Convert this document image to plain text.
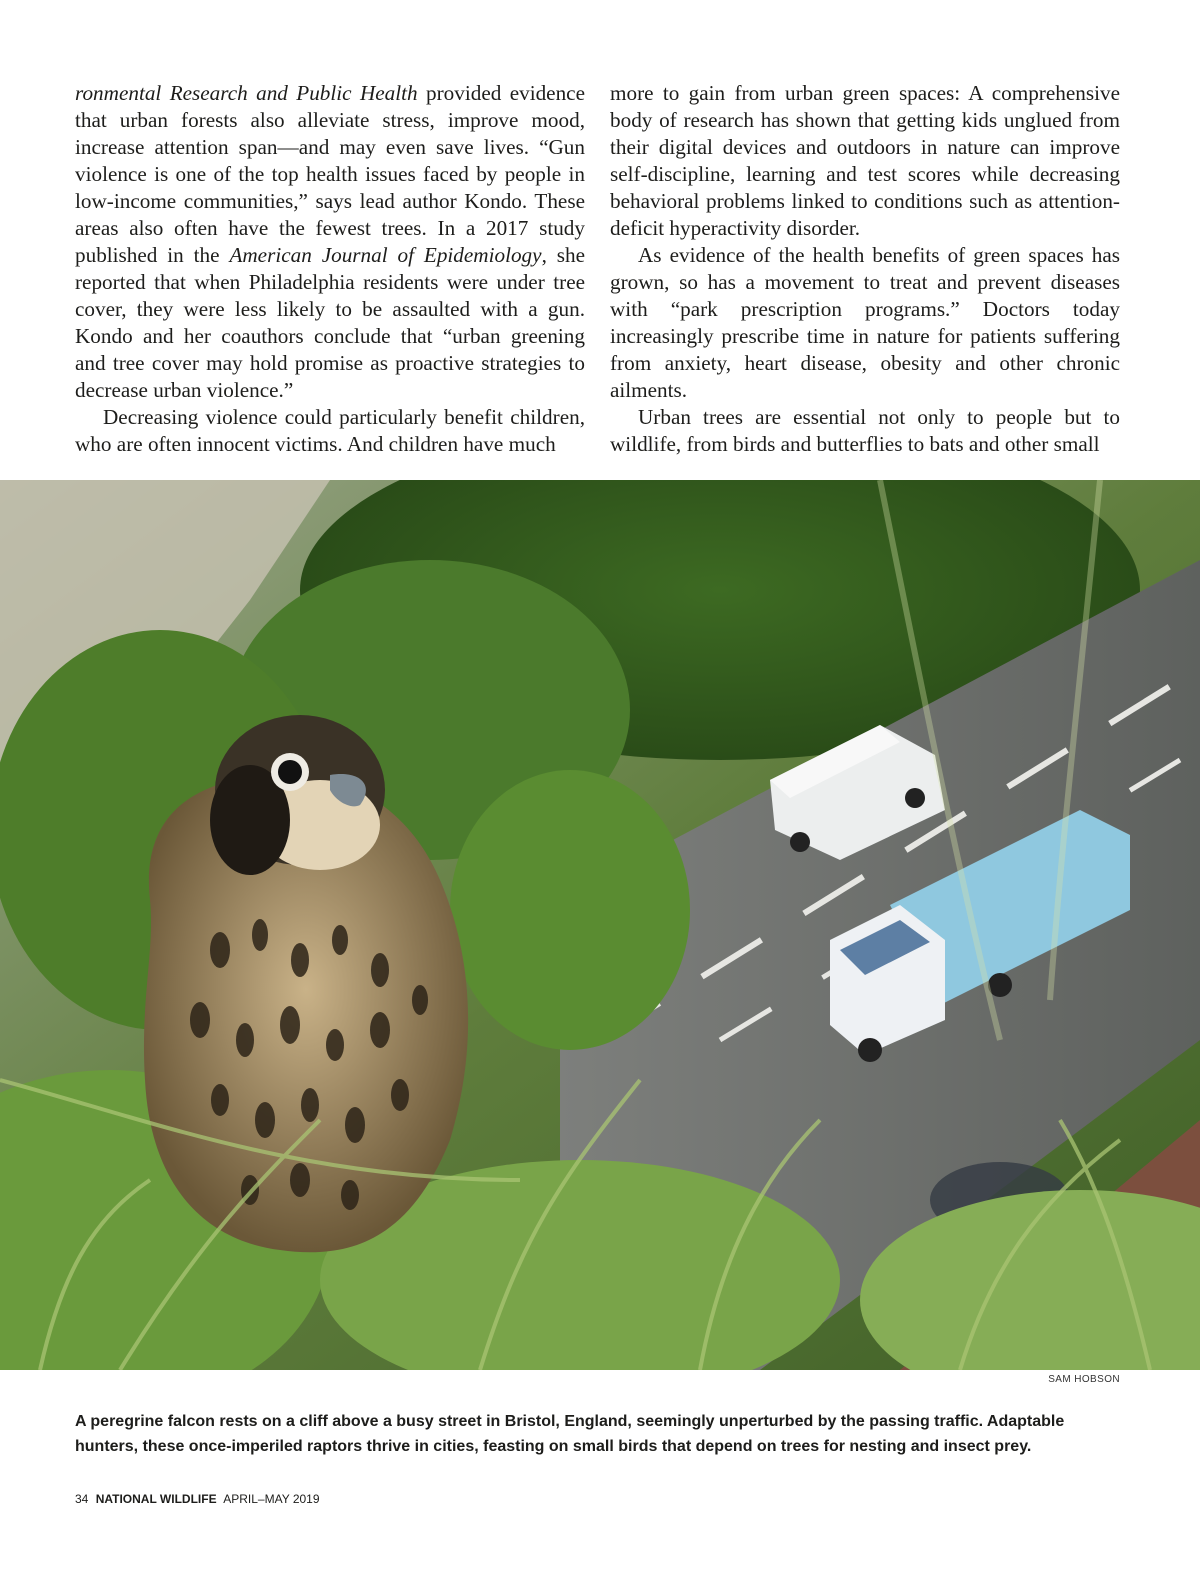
ronmental Research and Public Health provided evidence that urban forests also alleviate stress, improve mood, increase attention span—and may even save lives. “Gun violence is one of the top health issues faced by people in low-income communities,” says lead author Kondo. These areas also often have the fewest trees. In a 2017 study published in the American Journal of Epidemiology, she reported that when Philadelphia residents were under tree cover, they were less likely to be assaulted with a gun. Kondo and her coauthors conclude that “urban greening and tree cover may hold promise as proactive strategies to decrease urban violence.”

Decreasing violence could particularly benefit children, who are often innocent victims. And children have much

more to gain from urban green spaces: A comprehensive body of research has shown that getting kids unglued from their digital devices and outdoors in nature can improve self-discipline, learning and test scores while decreasing behavioral problems linked to conditions such as attention-deficit hyperactivity disorder.

As evidence of the health benefits of green spaces has grown, so has a movement to treat and prevent diseases with “park prescription programs.” Doctors today increasingly prescribe time in nature for patients suffering from anxiety, heart disease, obesity and other chronic ailments.

Urban trees are essential not only to people but to wildlife, from birds and butterflies to bats and other small

SAM HOBSON
A peregrine falcon rests on a cliff above a busy street in Bristol, England, seemingly unperturbed by the passing traffic. Adaptable hunters, these once-imperiled raptors thrive in cities, feasting on small birds that depend on trees for nesting and insect prey.
34 NATIONAL WILDLIFE APRIL–MAY 2019
